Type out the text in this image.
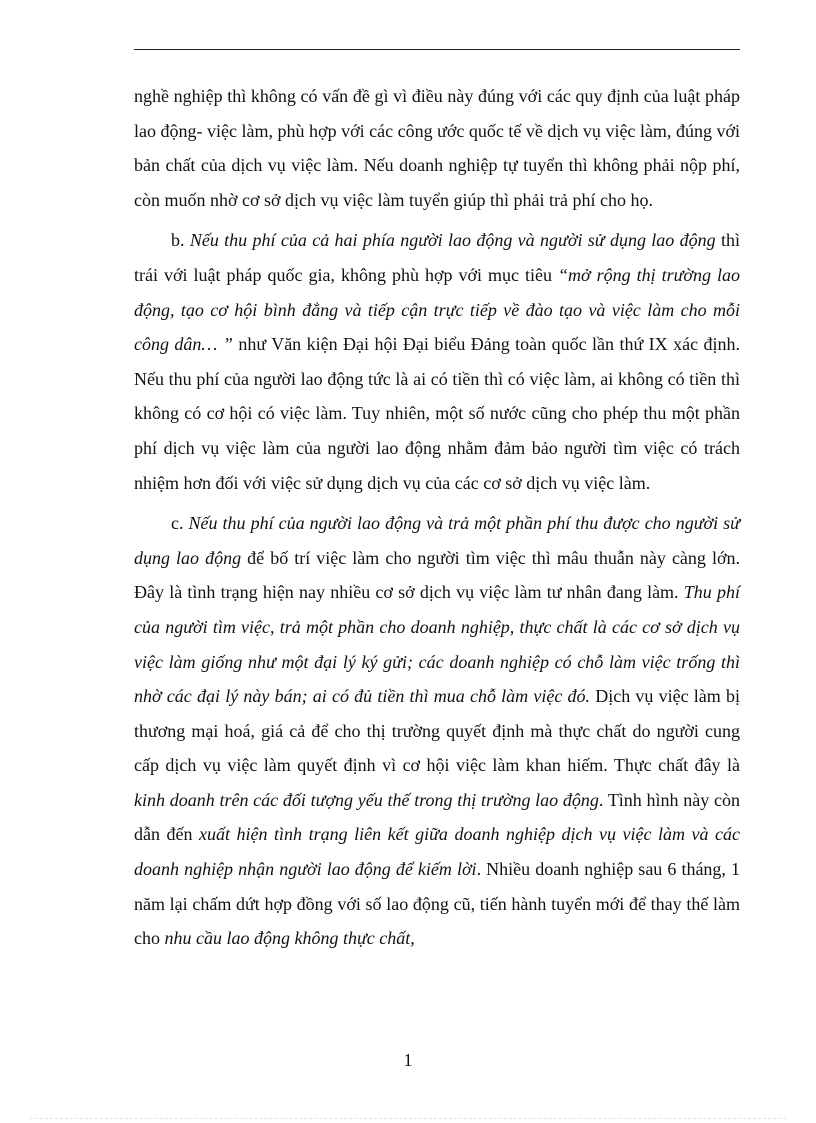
nghề nghiệp thì không có vấn đề gì vì điều này đúng với các quy định của luật pháp lao động- việc làm, phù hợp với các công ước quốc tế về dịch vụ việc làm, đúng với bản chất của dịch vụ việc làm. Nếu doanh nghiệp tự tuyển thì không phải nộp phí, còn muốn nhờ cơ sở dịch vụ việc làm tuyển giúp thì phải trả phí cho họ.

b. Nếu thu phí của cả hai phía người lao động và người sử dụng lao động thì trái với luật pháp quốc gia, không phù hợp với mục tiêu “mở rộng thị trường lao động, tạo cơ hội bình đẳng và tiếp cận trực tiếp về đào tạo và việc làm cho mỗi công dân… ” như Văn kiện Đại hội Đại biểu Đảng toàn quốc lần thứ IX xác định. Nếu thu phí của người lao động tức là ai có tiền thì có việc làm, ai không có tiền thì không có cơ hội có việc làm. Tuy nhiên, một số nước cũng cho phép thu một phần phí dịch vụ việc làm của người lao động nhằm đảm bảo người tìm việc có trách nhiệm hơn đối với việc sử dụng dịch vụ của các cơ sở dịch vụ việc làm.

c. Nếu thu phí của người lao động và trả một phần phí thu được cho người sử dụng lao động để bố trí việc làm cho người tìm việc thì mâu thuẫn này càng lớn. Đây là tình trạng hiện nay nhiều cơ sở dịch vụ việc làm tư nhân đang làm. Thu phí của người tìm việc, trả một phần cho doanh nghiệp, thực chất là các cơ sở dịch vụ việc làm giống như một đại lý ký gửi; các doanh nghiệp có chỗ làm việc trống thì nhờ các đại lý này bán; ai có đủ tiền thì mua chỗ làm việc đó. Dịch vụ việc làm bị thương mại hoá, giá cả để cho thị trường quyết định mà thực chất do người cung cấp dịch vụ việc làm quyết định vì cơ hội việc làm khan hiếm. Thực chất đây là kinh doanh trên các đối tượng yếu thế trong thị trường lao động. Tình hình này còn dẫn đến xuất hiện tình trạng liên kết giữa doanh nghiệp dịch vụ việc làm và các doanh nghiệp nhận người lao động để kiếm lời. Nhiều doanh nghiệp sau 6 tháng, 1 năm lại chấm dứt hợp đồng với số lao động cũ, tiến hành tuyển mới để thay thế làm cho nhu cầu lao động không thực chất,

1
